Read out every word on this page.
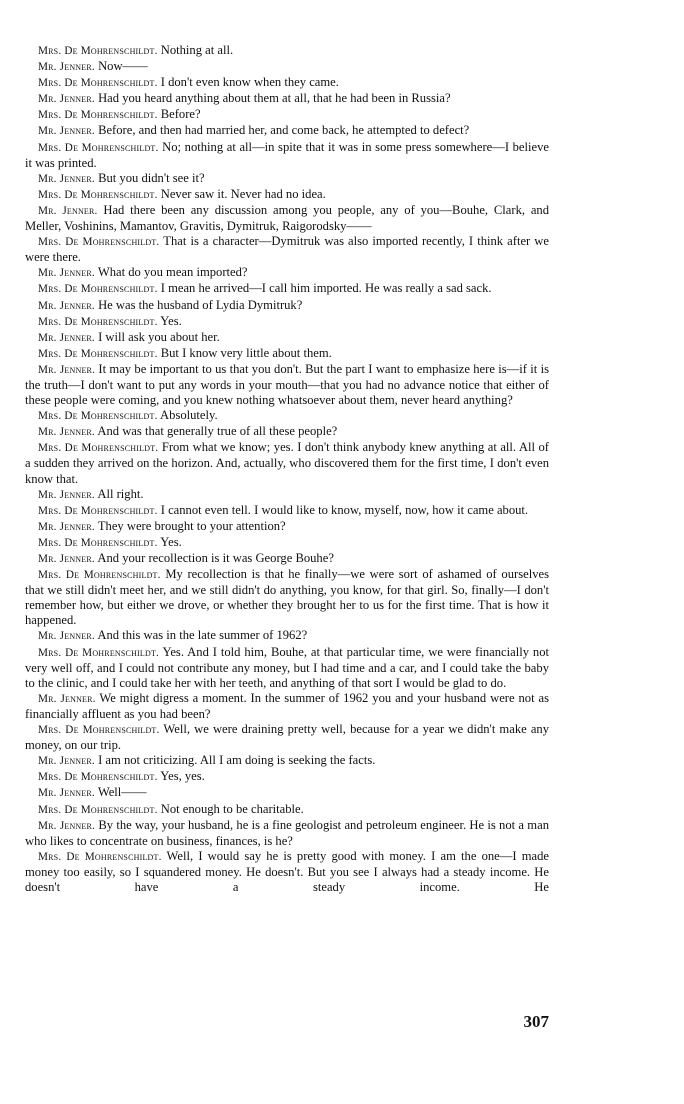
Mrs. De Mohrenschildt. Nothing at all.

Mr. Jenner. Now——

Mrs. De Mohrenschildt. I don't even know when they came.

Mr. Jenner. Had you heard anything about them at all, that he had been in Russia?

Mrs. De Mohrenschildt. Before?

Mr. Jenner. Before, and then had married her, and come back, he attempted to defect?

Mrs. De Mohrenschildt. No; nothing at all—in spite that it was in some press somewhere—I believe it was printed.

Mr. Jenner. But you didn't see it?

Mrs. De Mohrenschildt. Never saw it. Never had no idea.

Mr. Jenner. Had there been any discussion among you people, any of you—Bouhe, Clark, and Meller, Voshinins, Mamantov, Gravitis, Dymitruk, Raigorodsky——

Mrs. De Mohrenschildt. That is a character—Dymitruk was also imported recently, I think after we were there.

Mr. Jenner. What do you mean imported?

Mrs. De Mohrenschildt. I mean he arrived—I call him imported. He was really a sad sack.

Mr. Jenner. He was the husband of Lydia Dymitruk?

Mrs. De Mohrenschildt. Yes.

Mr. Jenner. I will ask you about her.

Mrs. De Mohrenschildt. But I know very little about them.

Mr. Jenner. It may be important to us that you don't. But the part I want to emphasize here is—if it is the truth—I don't want to put any words in your mouth—that you had no advance notice that either of these people were coming, and you knew nothing whatsoever about them, never heard anything?

Mrs. De Mohrenschildt. Absolutely.

Mr. Jenner. And was that generally true of all these people?

Mrs. De Mohrenschildt. From what we know; yes. I don't think anybody knew anything at all. All of a sudden they arrived on the horizon. And, actually, who discovered them for the first time, I don't even know that.

Mr. Jenner. All right.

Mrs. De Mohrenschildt. I cannot even tell. I would like to know, myself, now, how it came about.

Mr. Jenner. They were brought to your attention?

Mrs. De Mohrenschildt. Yes.

Mr. Jenner. And your recollection is it was George Bouhe?

Mrs. De Mohrenschildt. My recollection is that he finally—we were sort of ashamed of ourselves that we still didn't meet her, and we still didn't do anything, you know, for that girl. So, finally—I don't remember how, but either we drove, or whether they brought her to us for the first time. That is how it happened.

Mr. Jenner. And this was in the late summer of 1962?

Mrs. De Mohrenschildt. Yes. And I told him, Bouhe, at that particular time, we were financially not very well off, and I could not contribute any money, but I had time and a car, and I could take the baby to the clinic, and I could take her with her teeth, and anything of that sort I would be glad to do.

Mr. Jenner. We might digress a moment. In the summer of 1962 you and your husband were not as financially affluent as you had been?

Mrs. De Mohrenschildt. Well, we were draining pretty well, because for a year we didn't make any money, on our trip.

Mr. Jenner. I am not criticizing. All I am doing is seeking the facts.

Mrs. De Mohrenschildt. Yes, yes.

Mr. Jenner. Well——

Mrs. De Mohrenschildt. Not enough to be charitable.

Mr. Jenner. By the way, your husband, he is a fine geologist and petroleum engineer. He is not a man who likes to concentrate on business, finances, is he?

Mrs. De Mohrenschildt. Well, I would say he is pretty good with money. I am the one—I made money too easily, so I squandered money. He doesn't. But you see I always had a steady income. He doesn't have a steady income. He

307
